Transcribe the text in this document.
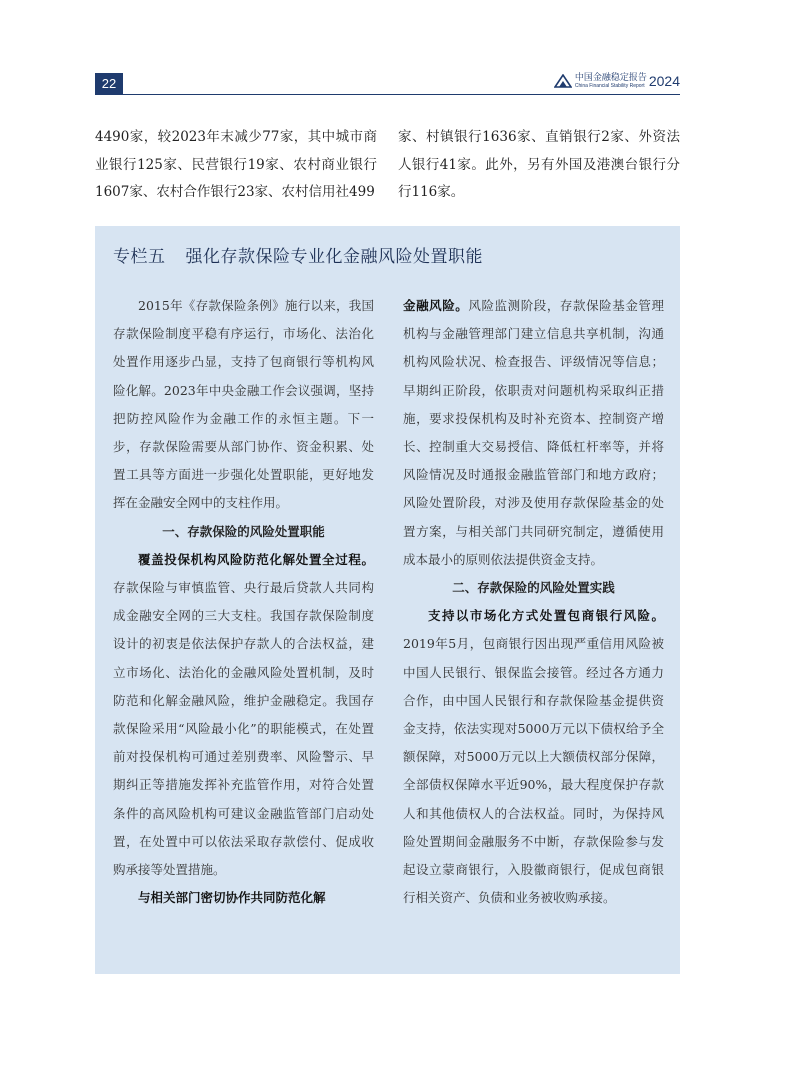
22	中国金融稳定报告
China Financial Stability Report 2024
4490家，较2023年末减少77家，其中城市商业银行125家、民营银行19家、农村商业银行1607家、农村合作银行23家、农村信用社499
家、村镇银行1636家、直销银行2家、外资法人银行41家。此外，另有外国及港澳台银行分行116家。
专栏五 强化存款保险专业化金融风险处置职能

2015年《存款保险条例》施行以来，我国存款保险制度平稳有序运行，市场化、法治化处置作用逐步凸显，支持了包商银行等机构风险化解。2023年中央金融工作会议强调，坚持把防控风险作为金融工作的永恒主题。下一步，存款保险需要从部门协作、资金积累、处置工具等方面进一步强化处置职能，更好地发挥在金融安全网中的支柱作用。

一、存款保险的风险处置职能

覆盖投保机构风险防范化解处置全过程。存款保险与审慎监管、央行最后贷款人共同构成金融安全网的三大支柱。我国存款保险制度设计的初衷是依法保护存款人的合法权益，建立市场化、法治化的金融风险处置机制，及时防范和化解金融风险，维护金融稳定。我国存款保险采用“风险最小化”的职能模式，在处置前对投保机构可通过差别费率、风险警示、早期纠正等措施发挥补充监管作用，对符合处置条件的高风险机构可建议金融监管部门启动处置，在处置中可以依法采取存款偿付、促成收购承接等处置措施。

与相关部门密切协作共同防范化解

金融风险。风险监测阶段，存款保险基金管理机构与金融管理部门建立信息共享机制，沟通机构风险状况、检查报告、评级情况等信息；早期纠正阶段，依职责对问题机构采取纠正措施，要求投保机构及时补充资本、控制资产增长、控制重大交易授信、降低杠杆率等，并将风险情况及时通报金融监管部门和地方政府；风险处置阶段，对涉及使用存款保险基金的处置方案，与相关部门共同研究制定，遵循使用成本最小的原则依法提供资金支持。

二、存款保险的风险处置实践

支持以市场化方式处置包商银行风险。2019年5月，包商银行因出现严重信用风险被中国人民银行、银保监会接管。经过各方通力合作，由中国人民银行和存款保险基金提供资金支持，依法实现对5000万元以下债权给予全额保障，对5000万元以上大额债权部分保障，全部债权保障水平近90%，最大程度保护存款人和其他债权人的合法权益。同时，为保持风险处置期间金融服务不中断，存款保险参与发起设立蒙商银行，入股徽商银行，促成包商银行相关资产、负债和业务被收购承接。
